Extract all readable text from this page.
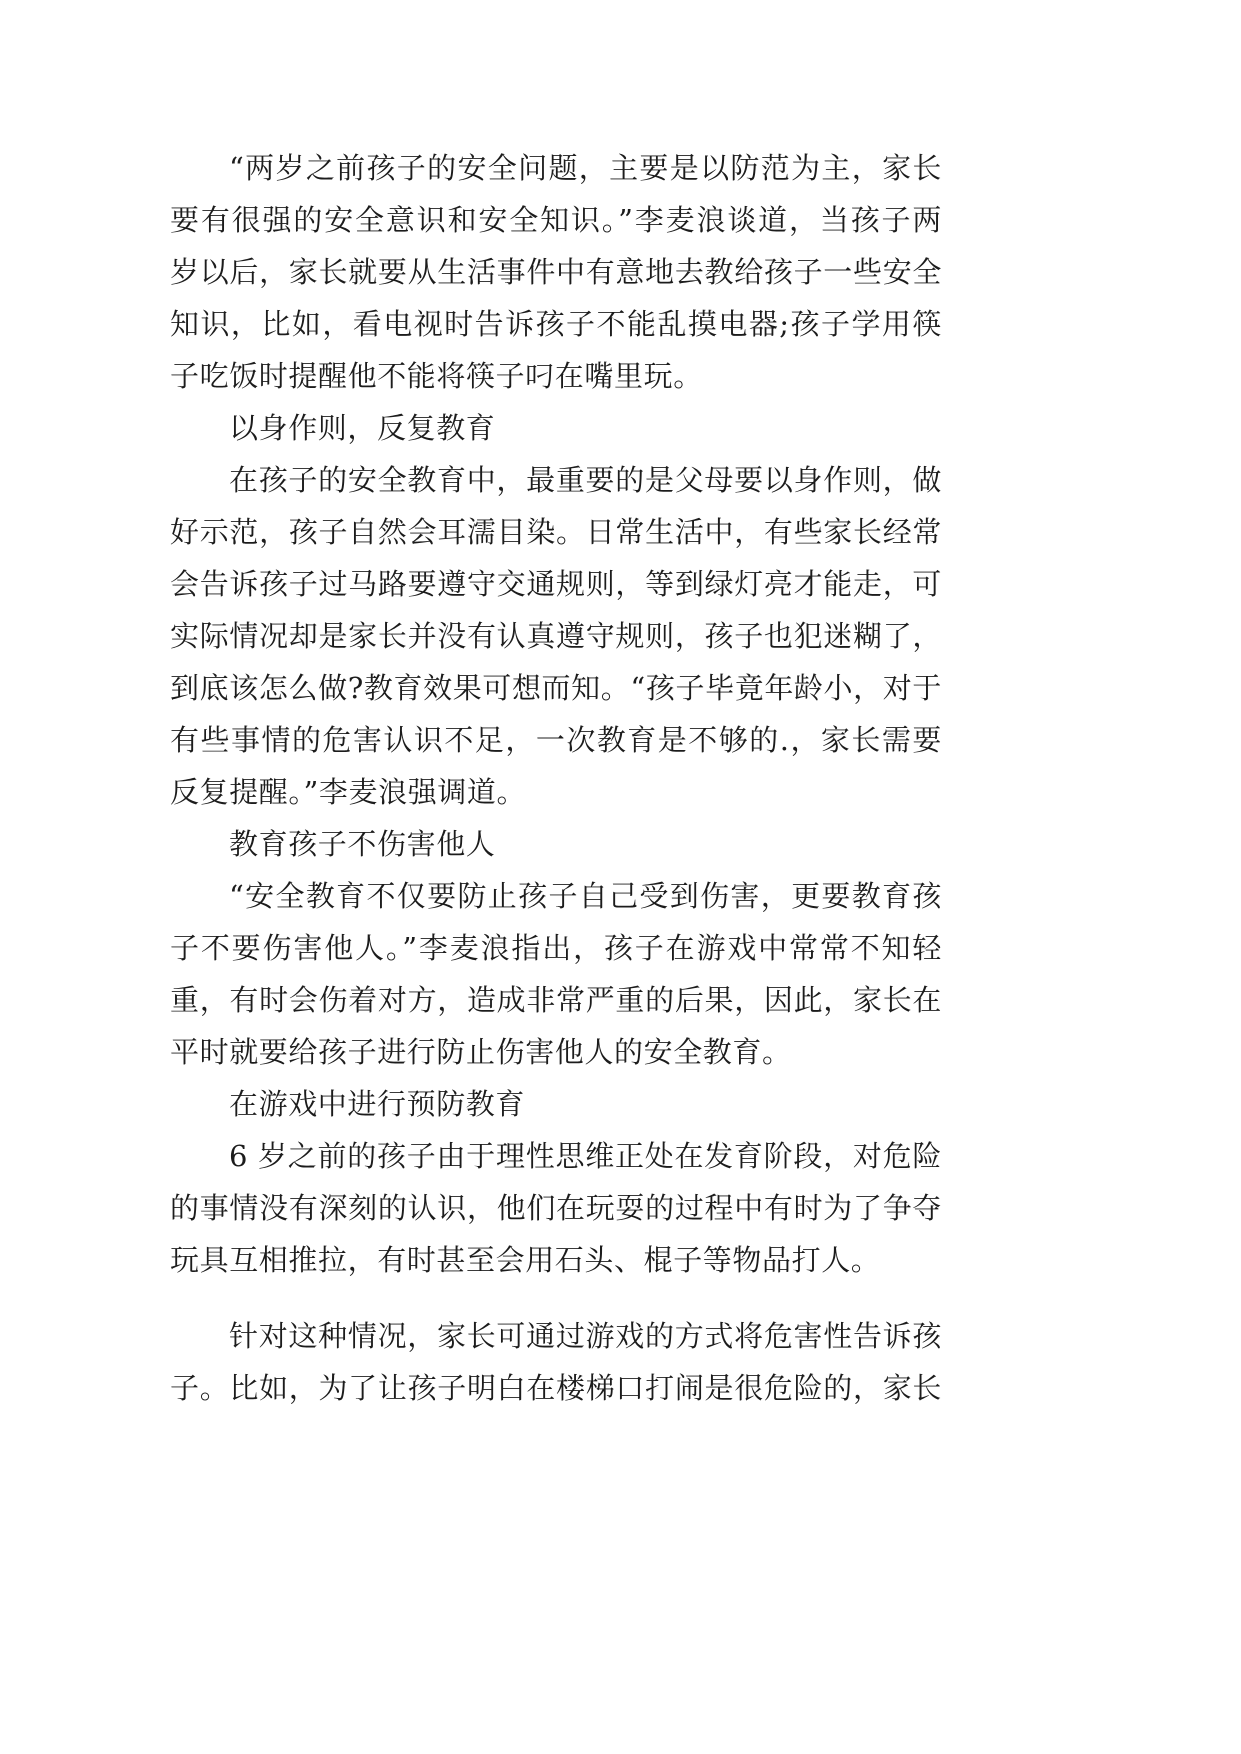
“两岁之前孩子的安全问题，主要是以防范为主，家长
要有很强的安全意识和安全知识。”李麦浪谈道，当孩子两
岁以后，家长就要从生活事件中有意地去教给孩子一些安全
知识，比如，看电视时告诉孩子不能乱摸电器;孩子学用筷
子吃饭时提醒他不能将筷子叼在嘴里玩。
以身作则，反复教育
在孩子的安全教育中，最重要的是父母要以身作则，做
好示范，孩子自然会耳濡目染。日常生活中，有些家长经常
会告诉孩子过马路要遵守交通规则，等到绿灯亮才能走，可
实际情况却是家长并没有认真遵守规则，孩子也犯迷糊了，
到底该怎么做?教育效果可想而知。“孩子毕竟年龄小，对于
有些事情的危害认识不足，一次教育是不够的.，家长需要
反复提醒。”李麦浪强调道。
教育孩子不伤害他人
“安全教育不仅要防止孩子自己受到伤害，更要教育孩
子不要伤害他人。”李麦浪指出，孩子在游戏中常常不知轻
重，有时会伤着对方，造成非常严重的后果，因此，家长在
平时就要给孩子进行防止伤害他人的安全教育。
在游戏中进行预防教育
6 岁之前的孩子由于理性思维正处在发育阶段，对危险
的事情没有深刻的认识，他们在玩耍的过程中有时为了争夺
玩具互相推拉，有时甚至会用石头、棍子等物品打人。
针对这种情况，家长可通过游戏的方式将危害性告诉孩
子。比如，为了让孩子明白在楼梯口打闹是很危险的，家长
